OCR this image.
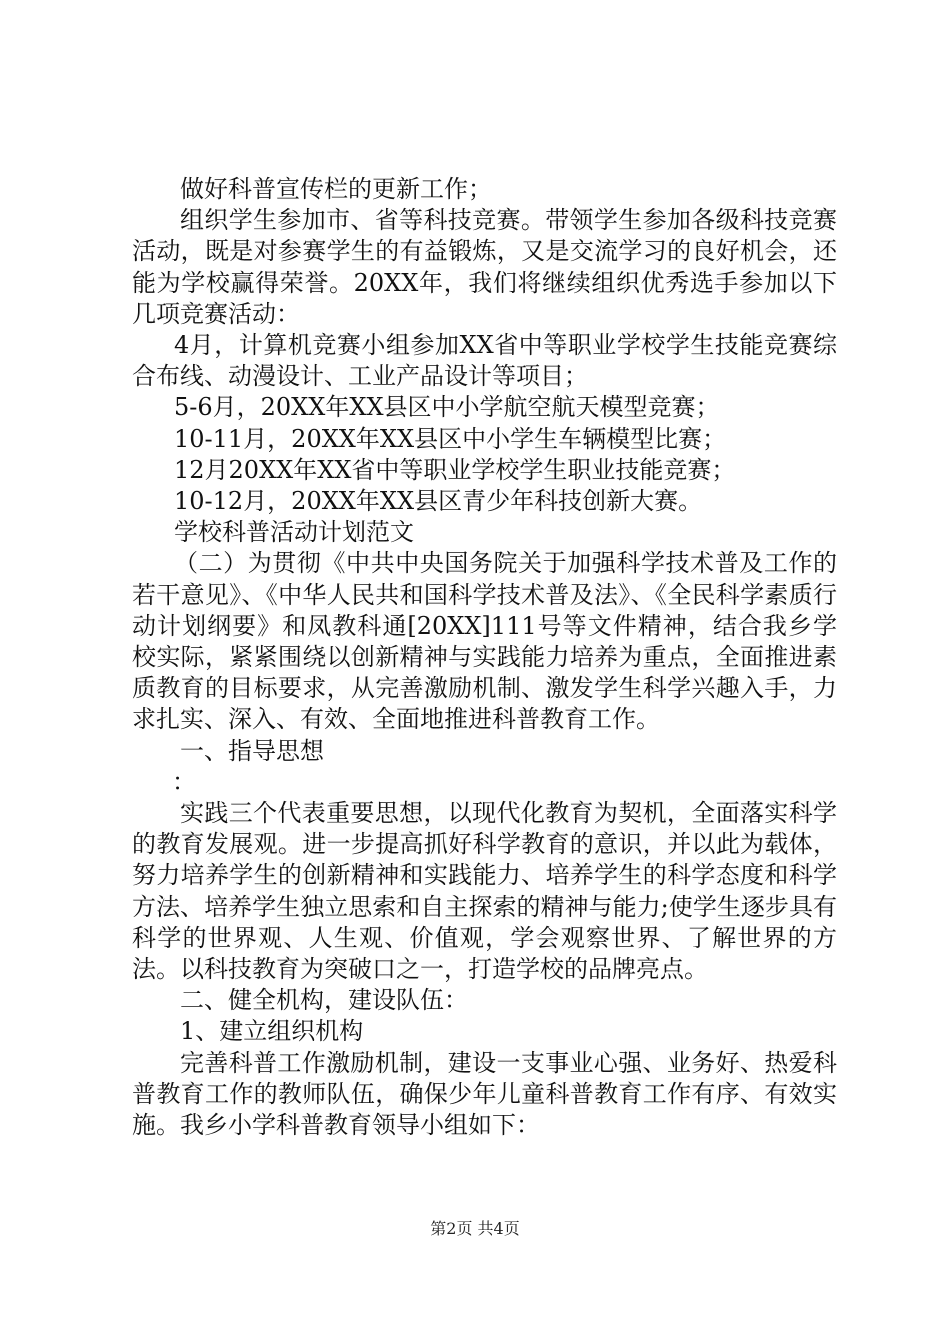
做好科普宣传栏的更新工作；

组织学生参加市、省等科技竞赛。带领学生参加各级科技竞赛活动，既是对参赛学生的有益锻炼，又是交流学习的良好机会，还能为学校赢得荣誉。20XX年，我们将继续组织优秀选手参加以下几项竞赛活动：

4月，计算机竞赛小组参加XX省中等职业学校学生技能竞赛综合布线、动漫设计、工业产品设计等项目；

5-6月，20XX年XX县区中小学航空航天模型竞赛；

10-11月，20XX年XX县区中小学生车辆模型比赛；

12月20XX年XX省中等职业学校学生职业技能竞赛；

10-12月，20XX年XX县区青少年科技创新大赛。

学校科普活动计划范文

（二）为贯彻《中共中央国务院关于加强科学技术普及工作的若干意见》、《中华人民共和国科学技术普及法》、《全民科学素质行动计划纲要》和凤教科通[20XX]111号等文件精神，结合我乡学校实际，紧紧围绕以创新精神与实践能力培养为重点，全面推进素质教育的目标要求，从完善激励机制、激发学生科学兴趣入手，力求扎实、深入、有效、全面地推进科普教育工作。

一、指导思想

：

实践三个代表重要思想，以现代化教育为契机，全面落实科学的教育发展观。进一步提高抓好科学教育的意识，并以此为载体，努力培养学生的创新精神和实践能力、培养学生的科学态度和科学方法、培养学生独立思索和自主探索的精神与能力;使学生逐步具有科学的世界观、人生观、价值观，学会观察世界、了解世界的方法。以科技教育为突破口之一，打造学校的品牌亮点。

二、健全机构，建设队伍：

1、建立组织机构

完善科普工作激励机制，建设一支事业心强、业务好、热爱科普教育工作的教师队伍，确保少年儿童科普教育工作有序、有效实施。我乡小学科普教育领导小组如下：

第2页 共4页
